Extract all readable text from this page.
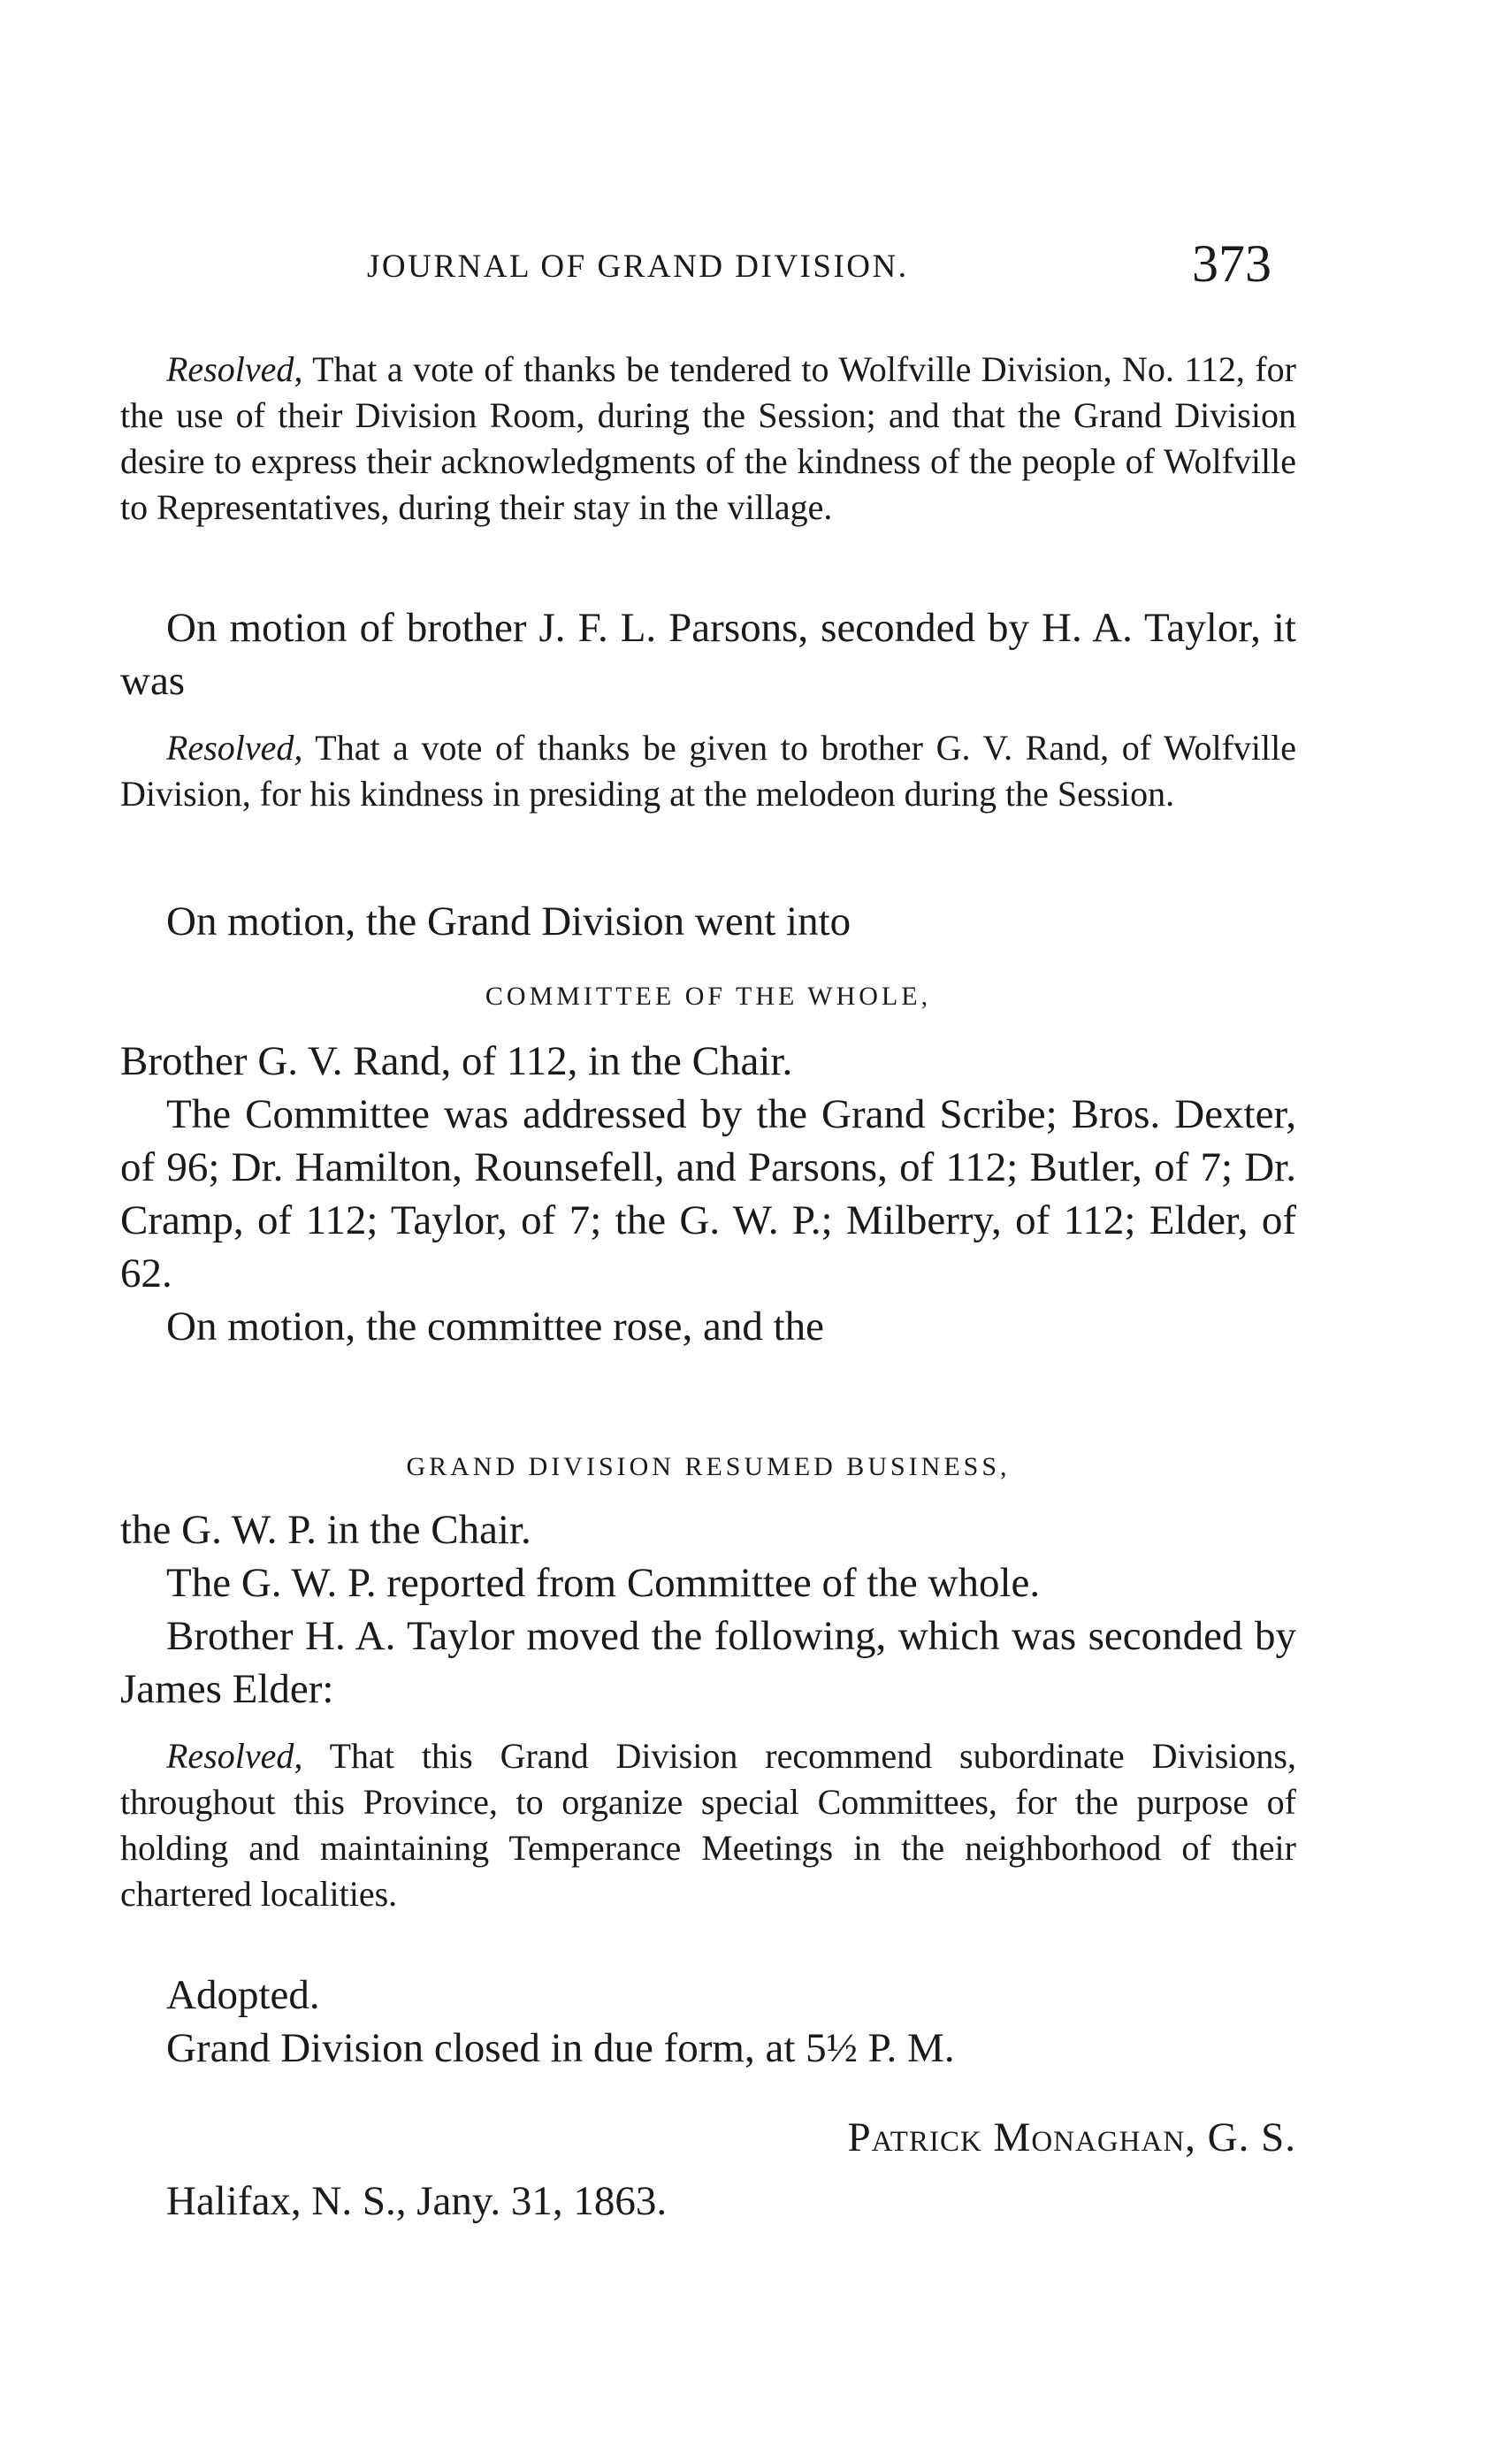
JOURNAL OF GRAND DIVISION.	373

Resolved, That a vote of thanks be tendered to Wolfville Division, No. 112, for the use of their Division Room, during the Session; and that the Grand Division desire to express their acknowledgments of the kindness of the people of Wolfville to Representatives, during their stay in the village.

On motion of brother J. F. L. Parsons, seconded by H. A. Taylor, it was

Resolved, That a vote of thanks be given to brother G. V. Rand, of Wolfville Division, for his kindness in presiding at the melodeon during the Session.

On motion, the Grand Division went into

COMMITTEE OF THE WHOLE,

Brother G. V. Rand, of 112, in the Chair.

The Committee was addressed by the Grand Scribe; Bros. Dexter, of 96; Dr. Hamilton, Rounsefell, and Parsons, of 112; Butler, of 7; Dr. Cramp, of 112; Taylor, of 7; the G. W. P.; Milberry, of 112; Elder, of 62.

On motion, the committee rose, and the

GRAND DIVISION RESUMED BUSINESS,

the G. W. P. in the Chair.

The G. W. P. reported from Committee of the whole.

Brother H. A. Taylor moved the following, which was seconded by James Elder:

Resolved, That this Grand Division recommend subordinate Divisions, throughout this Province, to organize special Committees, for the purpose of holding and maintaining Temperance Meetings in the neighborhood of their chartered localities.

Adopted.

Grand Division closed in due form, at 5½ P. M.

Patrick Monaghan, G. S.
Halifax, N. S., Jany. 31, 1863.
